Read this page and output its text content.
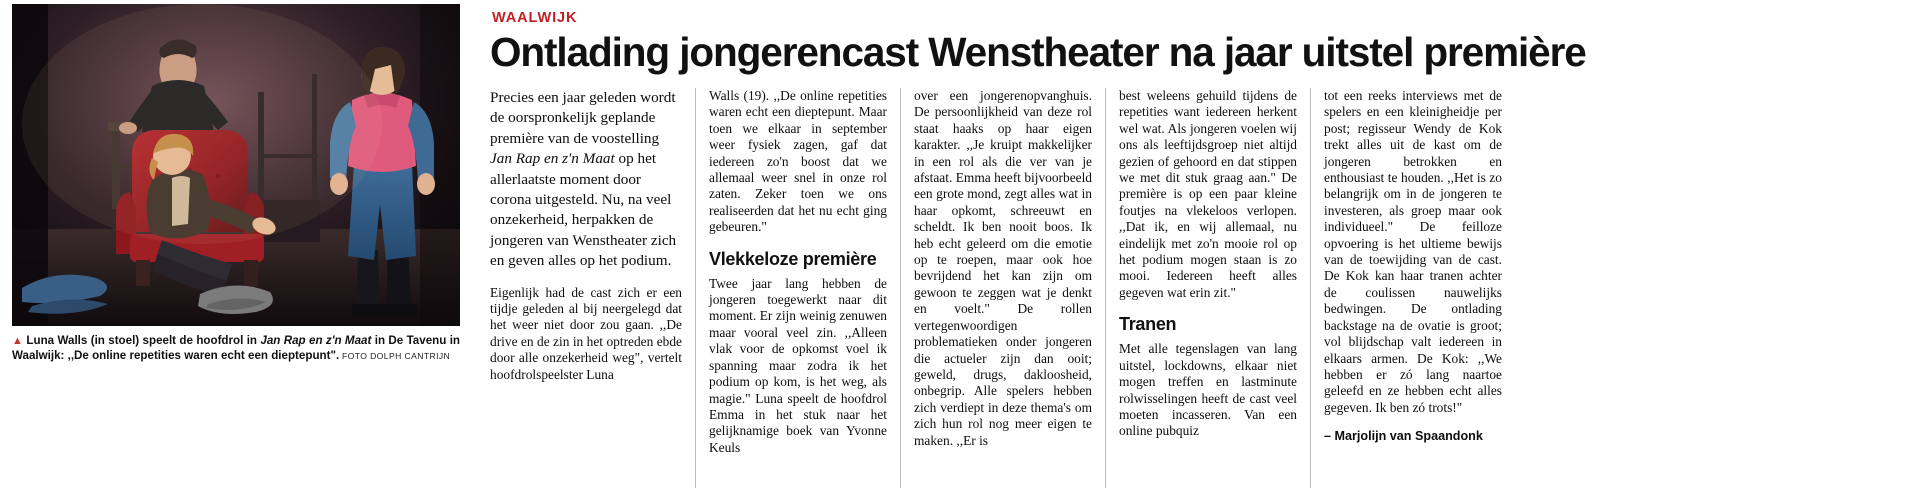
▲ Luna Walls (in stoel) speelt de hoofdrol in Jan Rap en z'n Maat in De Tavenu in Waalwijk: ,,De online repetities waren echt een dieptepunt". FOTO DOLPH CANTRIJN
WAALWIJK
Ontlading jongerencast Wenstheater na jaar uitstel première

Precies een jaar geleden wordt de oorspronkelijk geplande première van de voostelling Jan Rap en z'n Maat op het allerlaatste moment door corona uitgesteld. Nu, na veel onzekerheid, herpakken de jongeren van Wenstheater zich en geven alles op het podium.

Eigenlijk had de cast zich er een tijdje geleden al bij neergelegd dat het weer niet door zou gaan. ,,De drive en de zin in het optreden ebde door alle onzekerheid weg", vertelt hoofdrolspeelster Luna

Walls (19). ,,De online repetities waren echt een dieptepunt. Maar toen we elkaar in september weer fysiek zagen, gaf dat iedereen zo'n boost dat we allemaal weer snel in onze rol zaten. Zeker toen we ons realiseerden dat het nu echt ging gebeuren."

Vlekkeloze première

Twee jaar lang hebben de jongeren toegewerkt naar dit moment. Er zijn weinig zenuwen maar vooral veel zin. ,,Alleen vlak voor de opkomst voel ik spanning maar zodra ik het podium op kom, is het weg, als magie." Luna speelt de hoofdrol Emma in het stuk naar het gelijknamige boek van Yvonne Keuls

over een jongerenopvanghuis. De persoonlijkheid van deze rol staat haaks op haar eigen karakter. ,,Je kruipt makkelijker in een rol als die ver van je afstaat. Emma heeft bijvoorbeeld een grote mond, zegt alles wat in haar opkomt, schreeuwt en scheldt. Ik ben nooit boos. Ik heb echt geleerd om die emotie op te roepen, maar ook hoe bevrijdend het kan zijn om gewoon te zeggen wat je denkt en voelt." De rollen vertegenwoordigen problematieken onder jongeren die actueler zijn dan ooit; geweld, drugs, dakloosheid, onbegrip. Alle spelers hebben zich verdiept in deze thema's om zich hun rol nog meer eigen te maken. ,,Er is

best weleens gehuild tijdens de repetities want iedereen herkent wel wat. Als jongeren voelen wij ons als leeftijdsgroep niet altijd gezien of gehoord en dat stippen we met dit stuk graag aan." De première is op een paar kleine foutjes na vlekeloos verlopen. ,,Dat ik, en wij allemaal, nu eindelijk met zo'n mooie rol op het podium mogen staan is zo mooi. Iedereen heeft alles gegeven wat erin zit."

Tranen

Met alle tegenslagen van lang uitstel, lockdowns, elkaar niet mogen treffen en lastminute rolwisselingen heeft de cast veel moeten incasseren. Van een online pubquiz

tot een reeks interviews met de spelers en een kleinigheidje per post; regisseur Wendy de Kok trekt alles uit de kast om de jongeren betrokken en enthousiast te houden. ,,Het is zo belangrijk om in de jongeren te investeren, als groep maar ook individueel." De feilloze opvoering is het ultieme bewijs van de toewijding van de cast. De Kok kan haar tranen achter de coulissen nauwelijks bedwingen. De ontlading backstage na de ovatie is groot; vol blijdschap valt iedereen in elkaars armen. De Kok: ,,We hebben er zó lang naartoe geleefd en ze hebben echt alles gegeven. Ik ben zó trots!"

– Marjolijn van Spaandonk
